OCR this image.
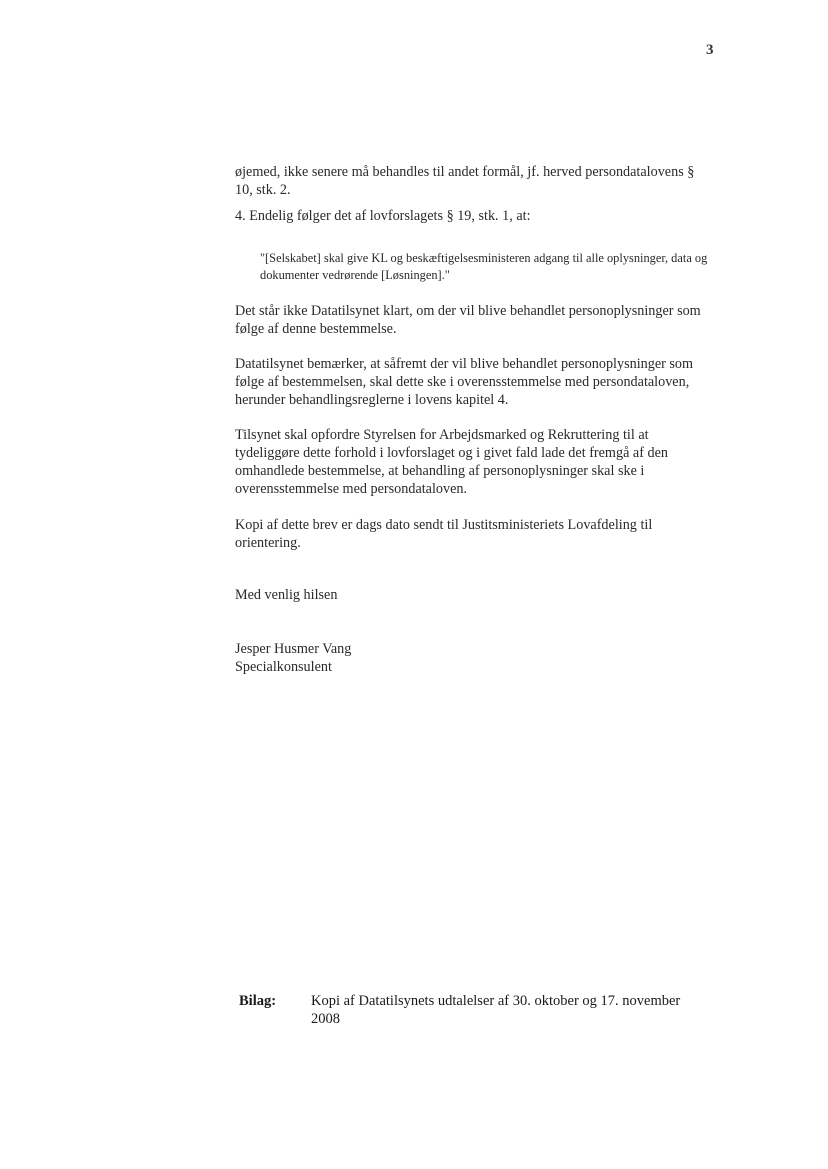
3

øjemed, ikke senere må behandles til andet formål, jf. herved persondatalovens § 10, stk. 2.

4. Endelig følger det af lovforslagets § 19, stk. 1, at:

"[Selskabet] skal give KL og beskæftigelsesministeren adgang til alle oplysninger, data og dokumenter vedrørende [Løsningen]."

Det står ikke Datatilsynet klart, om der vil blive behandlet personoplysninger som følge af denne bestemmelse.

Datatilsynet bemærker, at såfremt der vil blive behandlet personoplysninger som følge af bestemmelsen, skal dette ske i overensstemmelse med persondataloven, herunder behandlingsreglerne i lovens kapitel 4.

Tilsynet skal opfordre Styrelsen for Arbejdsmarked og Rekruttering til at tydeliggøre dette forhold i lovforslaget og i givet fald lade det fremgå af den omhandlede bestemmelse, at behandling af personoplysninger skal ske i overensstemmelse med persondataloven.

Kopi af dette brev er dags dato sendt til Justitsministeriets Lovafdeling til orientering.

Med venlig hilsen

Jesper Husmer Vang

Specialkonsulent

Bilag: Kopi af Datatilsynets udtalelser af 30. oktober og 17. november 2008
